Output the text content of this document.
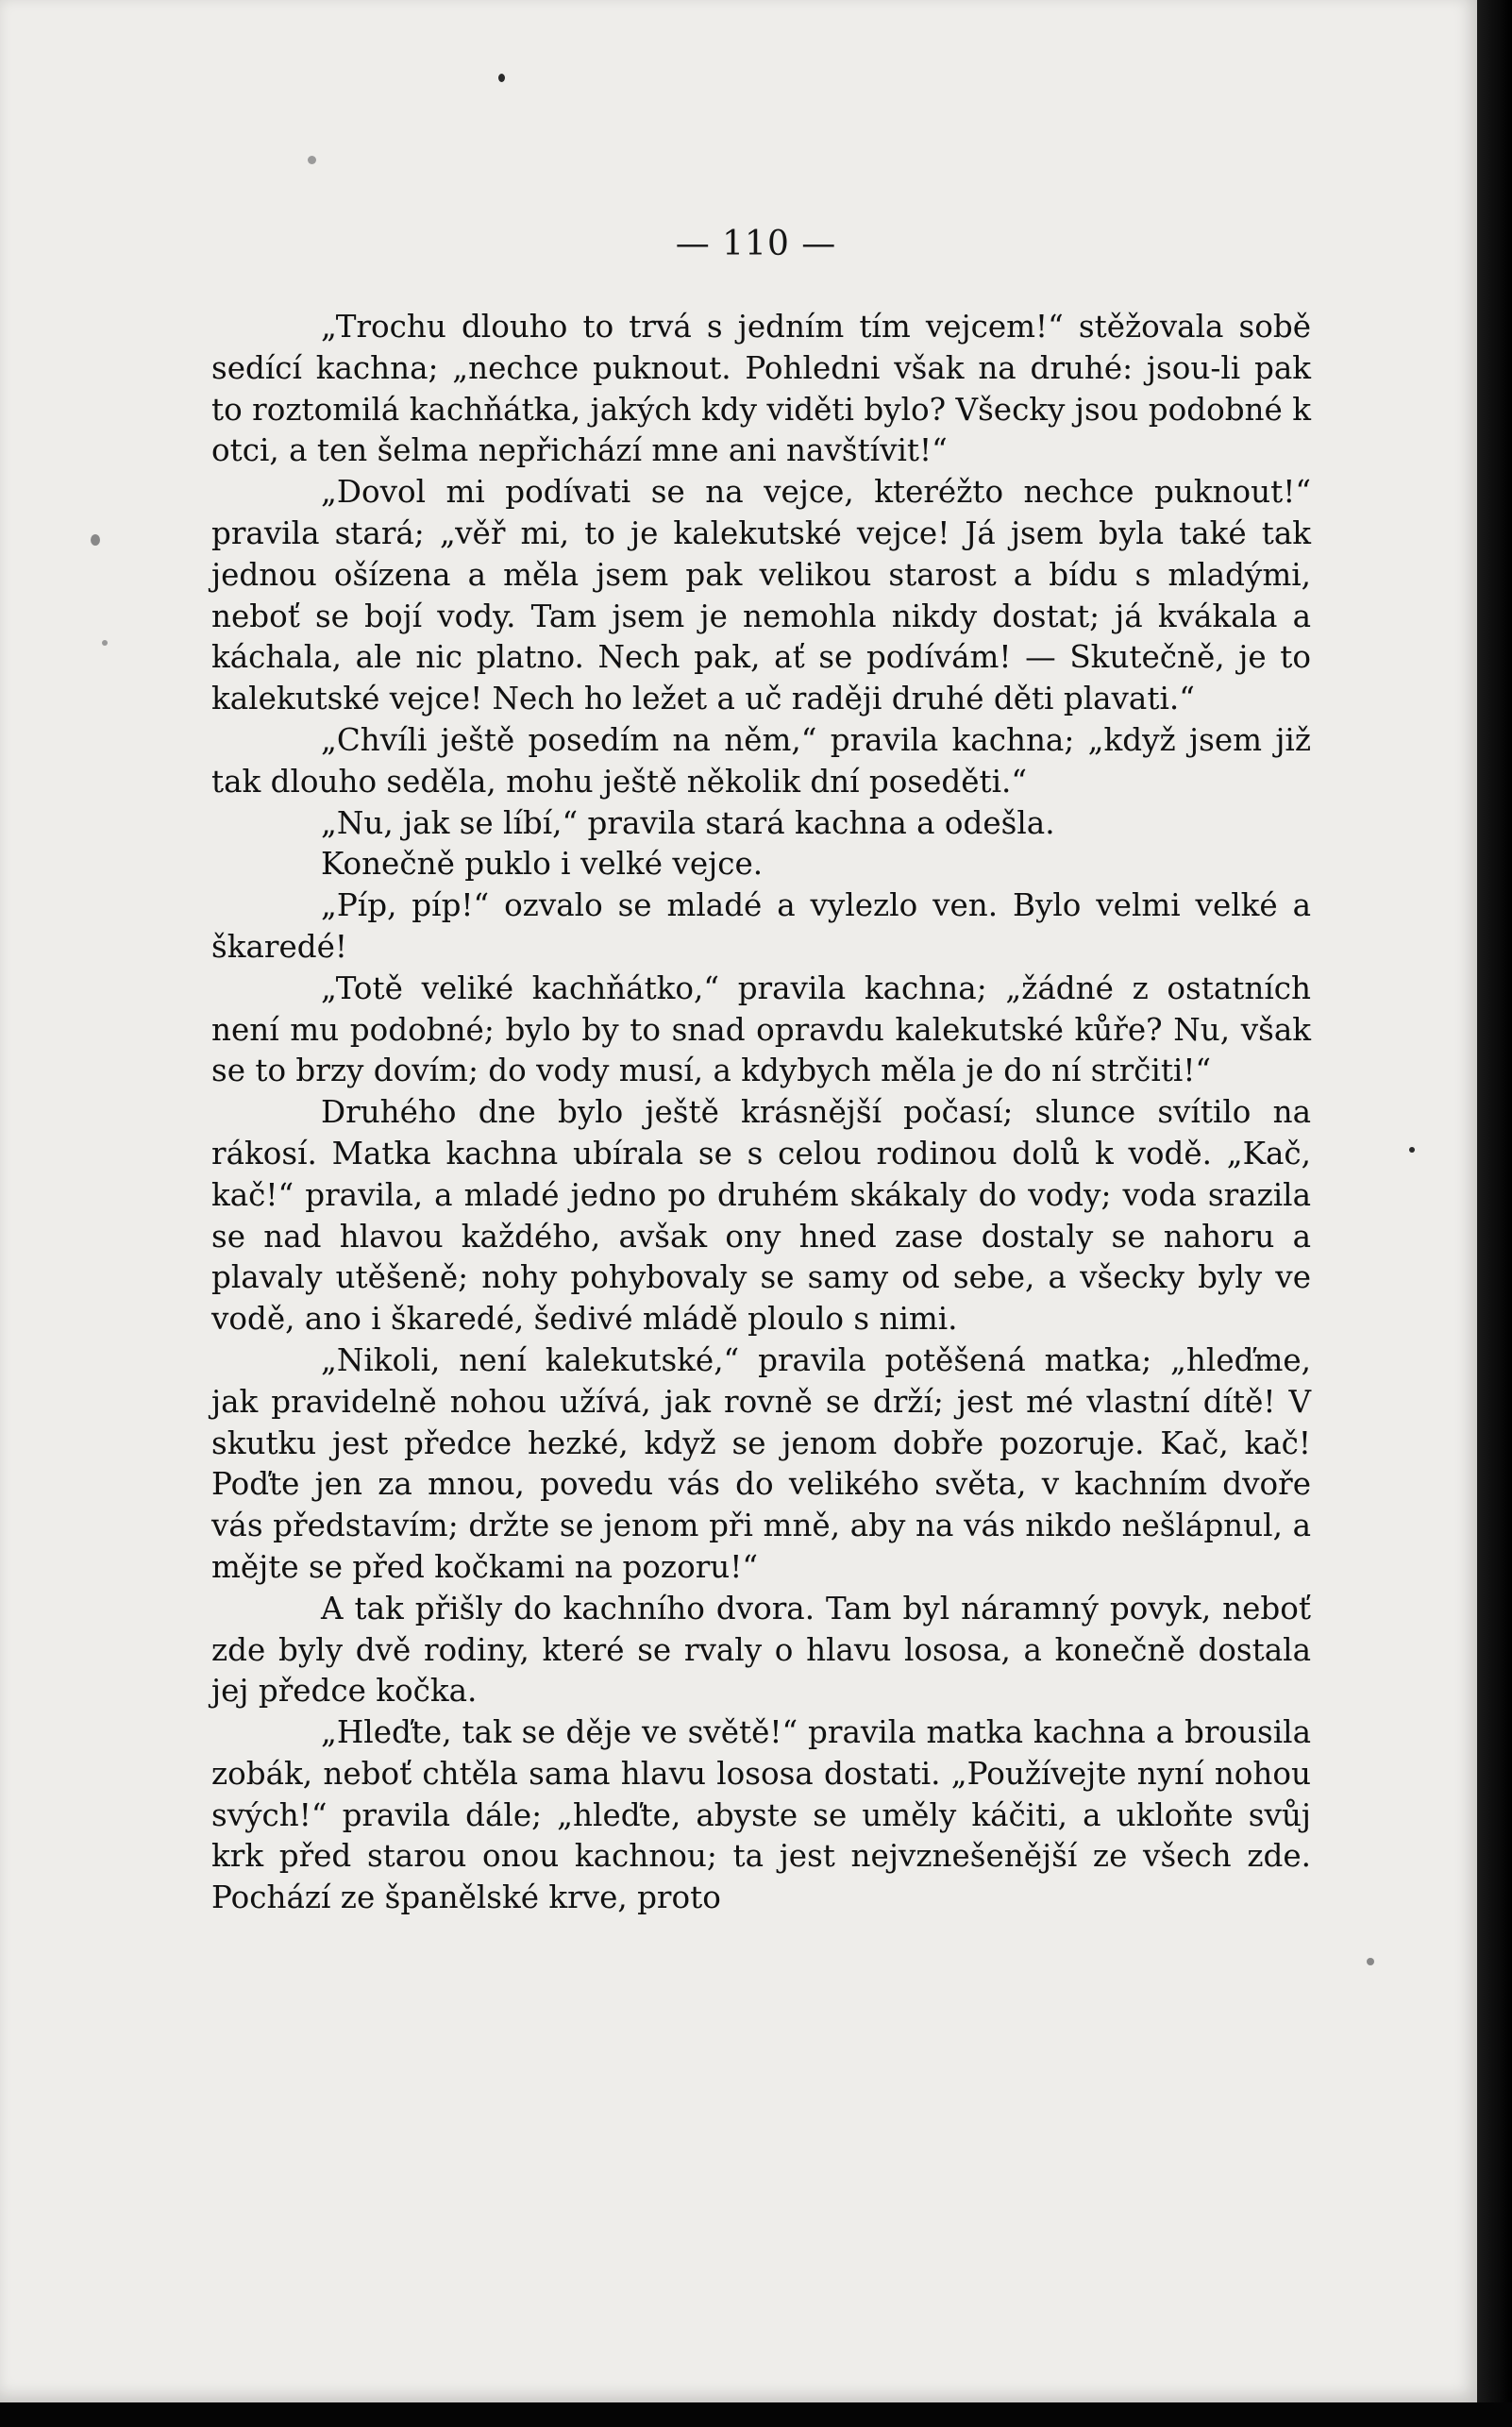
— 110 —

„Trochu dlouho to trvá s jedním tím vejcem!“ stěžovala sobě sedící kachna; „nechce puknout. Pohledni však na druhé: jsou-li pak to roztomilá kachňátka, jakých kdy viděti bylo? Všecky jsou podobné k otci, a ten šelma nepřichází mne ani navštívit!“

„Dovol mi podívati se na vejce, kteréžto nechce puknout!“ pravila stará; „věř mi, to je kalekutské vejce! Já jsem byla také tak jednou ošízena a měla jsem pak velikou starost a bídu s mladými, neboť se bojí vody. Tam jsem je nemohla nikdy dostat; já kvákala a káchala, ale nic platno. Nech pak, ať se podívám! — Skutečně, je to kalekutské vejce! Nech ho ležet a uč raději druhé děti plavati.“

„Chvíli ještě posedím na něm,“ pravila kachna; „když jsem již tak dlouho seděla, mohu ještě několik dní poseděti.“

„Nu, jak se líbí,“ pravila stará kachna a odešla.

Konečně puklo i velké vejce.

„Píp, píp!“ ozvalo se mladé a vylezlo ven. Bylo velmi velké a škaredé!

„Totě veliké kachňátko,“ pravila kachna; „žádné z ostatních není mu podobné; bylo by to snad opravdu kalekutské kůře? Nu, však se to brzy dovím; do vody musí, a kdybych měla je do ní strčiti!“

Druhého dne bylo ještě krásnější počasí; slunce svítilo na rákosí. Matka kachna ubírala se s celou rodinou dolů k vodě. „Kač, kač!“ pravila, a mladé jedno po druhém skákaly do vody; voda srazila se nad hlavou každého, avšak ony hned zase dostaly se nahoru a plavaly utěšeně; nohy pohybovaly se samy od sebe, a všecky byly ve vodě, ano i škaredé, šedivé mládě ploulo s nimi.

„Nikoli, není kalekutské,“ pravila potěšená matka; „hleďme, jak pravidelně nohou užívá, jak rovně se drží; jest mé vlastní dítě! V skutku jest předce hezké, když se jenom dobře pozoruje. Kač, kač! Poďte jen za mnou, povedu vás do velikého světa, v kachním dvoře vás představím; držte se jenom při mně, aby na vás nikdo nešlápnul, a mějte se před kočkami na pozoru!“

A tak přišly do kachního dvora. Tam byl náramný povyk, neboť zde byly dvě rodiny, které se rvaly o hlavu lososa, a konečně dostala jej předce kočka.

„Hleďte, tak se děje ve světě!“ pravila matka kachna a brousila zobák, neboť chtěla sama hlavu lososa dostati. „Používejte nyní nohou svých!“ pravila dále; „hleďte, abyste se uměly káčiti, a ukloňte svůj krk před starou onou kachnou; ta jest nejvznešenější ze všech zde. Pochází ze španělské krve, proto
